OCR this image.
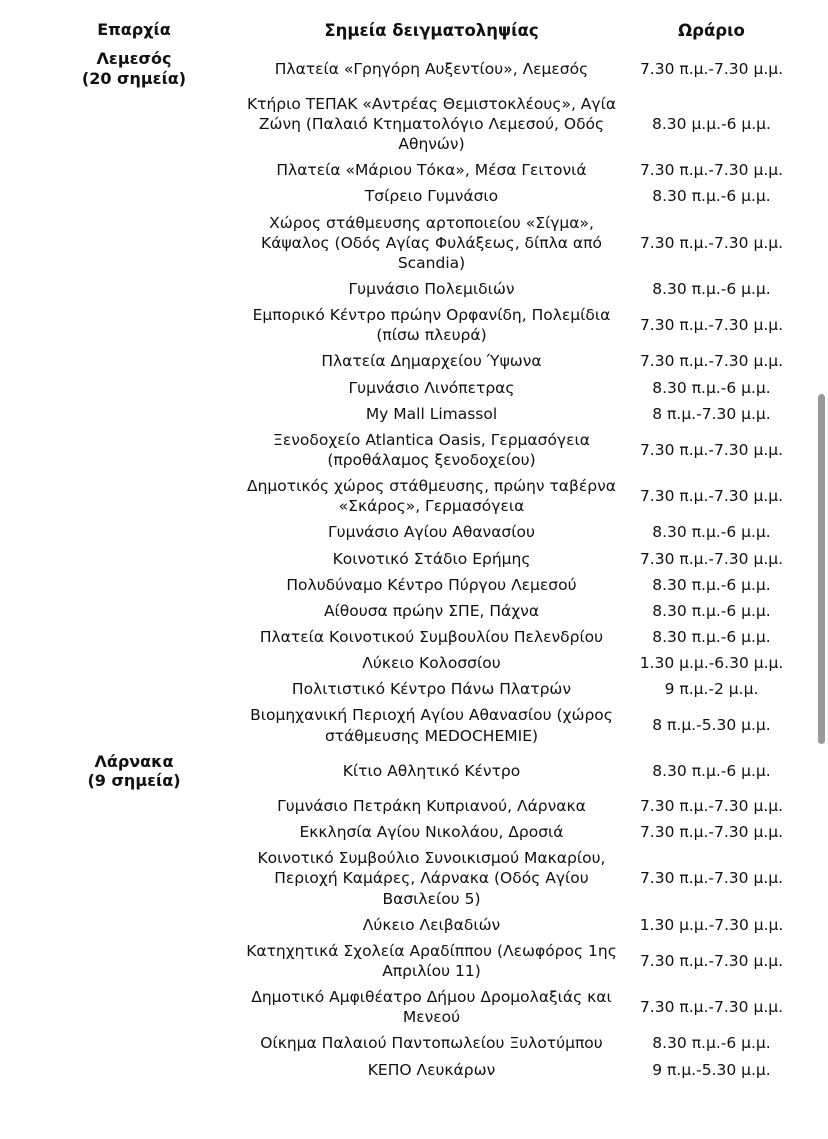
Επαρχία	Σημεία δειγματοληψίας	Ωράριο
Λεμεσός
(20 σημεία)	Πλατεία «Γρηγόρη Αυξεντίου», Λεμεσός	7.30 π.μ.-7.30 μ.μ.
	Κτήριο ΤΕΠΑΚ «Αντρέας Θεμιστοκλέους», Αγία Ζώνη (Παλαιό Κτηματολόγιο Λεμεσού, Οδός Αθηνών)	8.30 μ.μ.-6 μ.μ.
	Πλατεία «Μάριου Τόκα», Μέσα Γειτονιά	7.30 π.μ.-7.30 μ.μ.
	Τσίρειο Γυμνάσιο	8.30 π.μ.-6 μ.μ.
	Χώρος στάθμευσης αρτοποιείου «Σίγμα», Κάψαλος (Οδός Αγίας Φυλάξεως, δίπλα από Scandia)	7.30 π.μ.-7.30 μ.μ.
	Γυμνάσιο Πολεμιδιών	8.30 π.μ.-6 μ.μ.
	Εμπορικό Κέντρο πρώην Ορφανίδη, Πολεμίδια (πίσω πλευρά)	7.30 π.μ.-7.30 μ.μ.
	Πλατεία Δημαρχείου Ύψωνα	7.30 π.μ.-7.30 μ.μ.
	Γυμνάσιο Λινόπετρας	8.30 π.μ.-6 μ.μ.
	My Mall Limassol	8 π.μ.-7.30 μ.μ.
	Ξενοδοχείο Atlantica Oasis, Γερμασόγεια (προθάλαμος ξενοδοχείου)	7.30 π.μ.-7.30 μ.μ.
	Δημοτικός χώρος στάθμευσης, πρώην ταβέρνα «Σκάρος», Γερμασόγεια	7.30 π.μ.-7.30 μ.μ.
	Γυμνάσιο Αγίου Αθανασίου	8.30 π.μ.-6 μ.μ.
	Κοινοτικό Στάδιο Ερήμης	7.30 π.μ.-7.30 μ.μ.
	Πολυδύναμο Κέντρο Πύργου Λεμεσού	8.30 π.μ.-6 μ.μ.
	Αίθουσα πρώην ΣΠΕ, Πάχνα	8.30 π.μ.-6 μ.μ.
	Πλατεία Κοινοτικού Συμβουλίου Πελενδρίου	8.30 π.μ.-6 μ.μ.
	Λύκειο Κολοσσίου	1.30 μ.μ.-6.30 μ.μ.
	Πολιτιστικό Κέντρο Πάνω Πλατρών	9 π.μ.-2 μ.μ.
	Βιομηχανική Περιοχή Αγίου Αθανασίου (χώρος στάθμευσης MEDOCHEMIE)	8 π.μ.-5.30 μ.μ.
Λάρνακα
(9 σημεία)	Κίτιο Αθλητικό Κέντρο	8.30 π.μ.-6 μ.μ.
	Γυμνάσιο Πετράκη Κυπριανού, Λάρνακα	7.30 π.μ.-7.30 μ.μ.
	Εκκλησία Αγίου Νικολάου, Δροσιά	7.30 π.μ.-7.30 μ.μ.
	Κοινοτικό Συμβούλιο Συνοικισμού Μακαρίου, Περιοχή Καμάρες, Λάρνακα (Οδός Αγίου Βασιλείου 5)	7.30 π.μ.-7.30 μ.μ.
	Λύκειο Λειβαδιών	1.30 μ.μ.-7.30 μ.μ.
	Κατηχητικά Σχολεία Αραδίππου (Λεωφόρος 1ης Απριλίου 11)	7.30 π.μ.-7.30 μ.μ.
	Δημοτικό Αμφιθέατρο Δήμου Δρομολαξιάς και Μενεού	7.30 π.μ.-7.30 μ.μ.
	Οίκημα Παλαιού Παντοπωλείου Ξυλοτύμπου	8.30 π.μ.-6 μ.μ.
	ΚΕΠΟ Λευκάρων	9 π.μ.-5.30 μ.μ.
